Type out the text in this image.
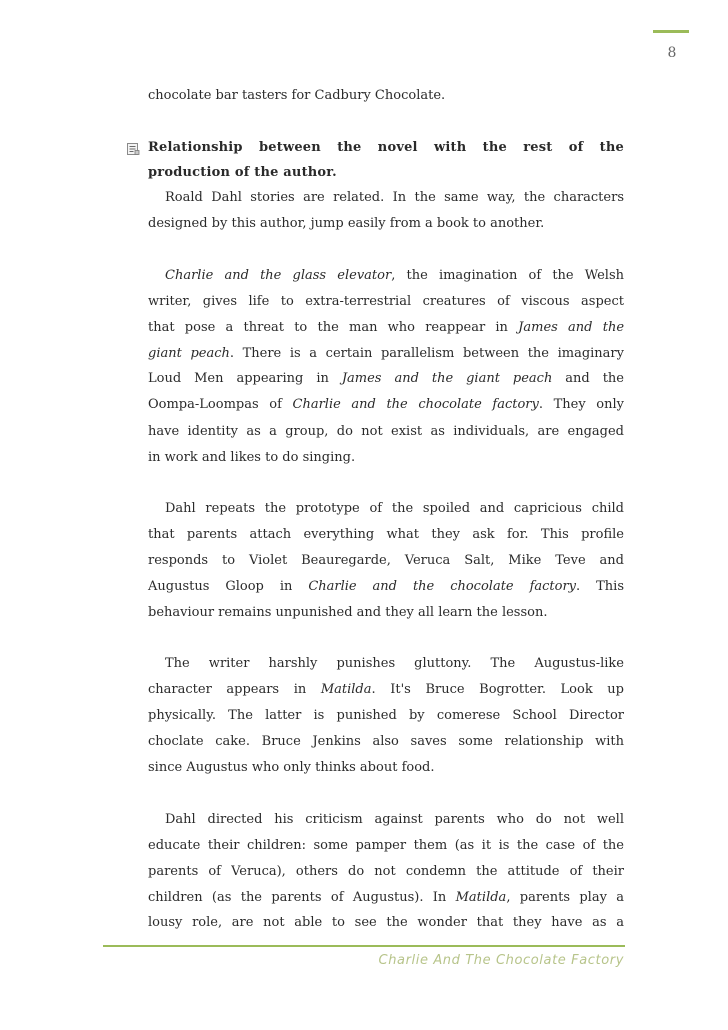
8
chocolate bar tasters for Cadbury Chocolate.
Relationship between the novel with the rest of the
production of the author.
Roald Dahl stories are related. In the same way, the characters
designed by this author, jump easily from a book to another.
Charlie and the glass elevator, the imagination of the Welsh
writer, gives life to extra-terrestrial creatures of viscous aspect
that pose a threat to the man who reappear in James and the
giant peach. There is a certain parallelism between the imaginary
Loud Men appearing in James and the giant peach and the
Oompa-Loompas of Charlie and the chocolate factory. They only
have identity as a group, do not exist as individuals, are engaged
in work and likes to do singing.
Dahl repeats the prototype of the spoiled and capricious child
that parents attach everything what they ask for. This profile
responds to Violet Beauregarde, Veruca Salt, Mike Teve and
Augustus Gloop in Charlie and the chocolate factory. This
behaviour remains unpunished and they all learn the lesson.
The writer harshly punishes gluttony. The Augustus-like
character appears in Matilda. It's Bruce Bogrotter. Look up
physically. The latter is punished by comerese School Director
choclate cake. Bruce Jenkins also saves some relationship with
since Augustus who only thinks about food.
Dahl directed his criticism against parents who do not well
educate their children: some pamper them (as it is the case of the
parents of Veruca), others do not condemn the attitude of their
children (as the parents of Augustus). In Matilda, parents play a
lousy role, are not able to see the wonder that they have as a
Charlie And The Chocolate Factory
